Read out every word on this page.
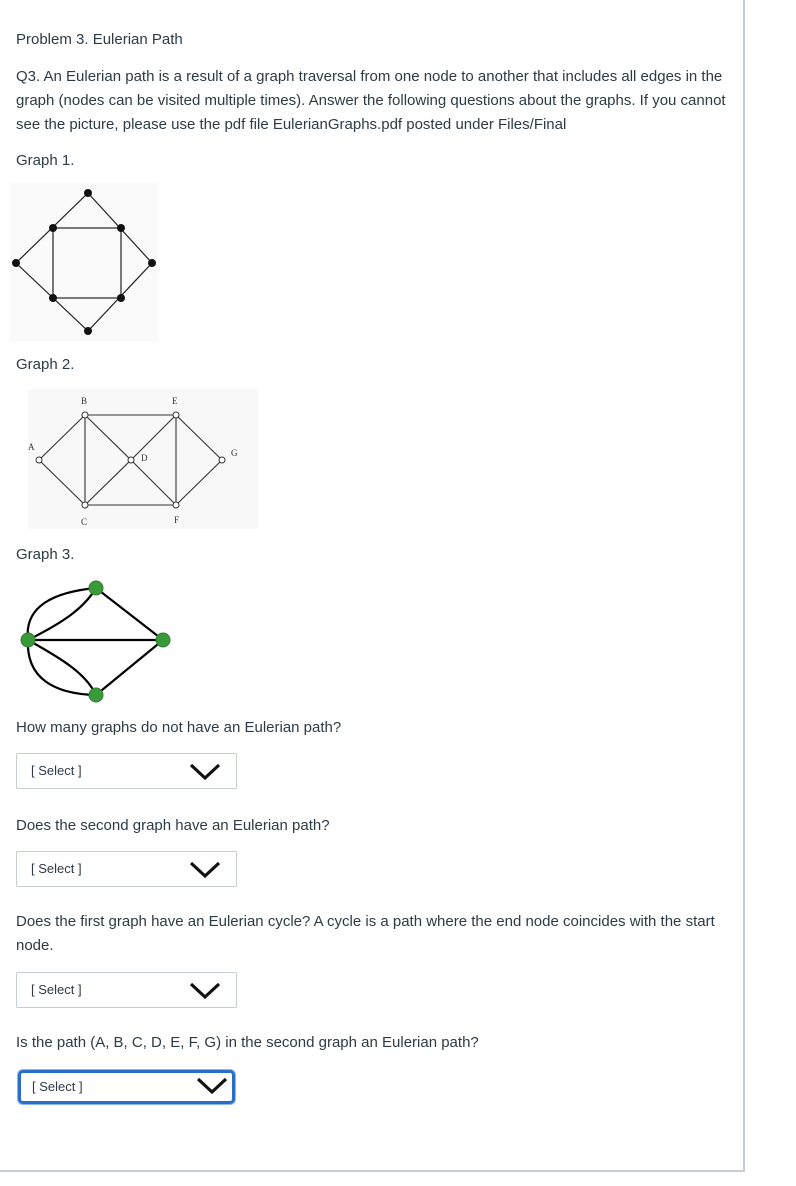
Problem 3. Eulerian Path

Q3. An Eulerian path is a result of a graph traversal from one node to another that includes all edges in the graph (nodes can be visited multiple times). Answer the following questions about the graphs. If you cannot see the picture, please use the pdf file EulerianGraphs.pdf posted under Files/Final

Graph 1.

Graph 2.

A
B
C
D
E
F
G

Graph 3.

How many graphs do not have an Eulerian path?

[ Select ]

Does the second graph have an Eulerian path?

[ Select ]

Does the first graph have an Eulerian cycle? A cycle is a path where the end node coincides with the start node.

[ Select ]

Is the path (A, B, C, D, E, F, G) in the second graph an Eulerian path?

[ Select ]
